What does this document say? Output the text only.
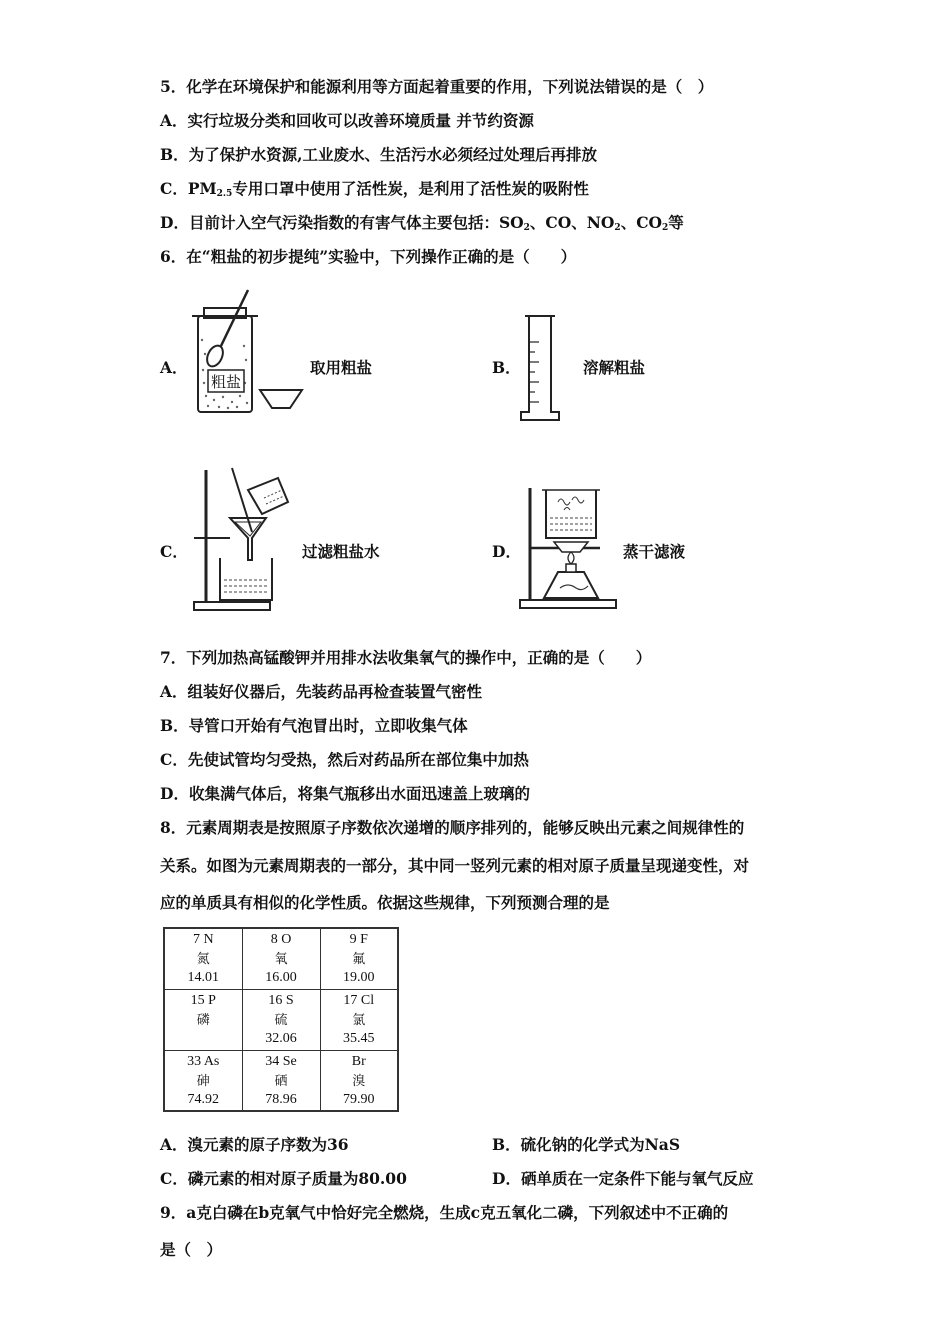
5．化学在环境保护和能源利用等方面起着重要的作用，下列说法错误的是（　）
A．实行垃圾分类和回收可以改善环境质量 并节约资源
B．为了保护水资源,工业废水、生活污水必须经过处理后再排放
C．$PM_{2.5}$专用口罩中使用了活性炭，是利用了活性炭的吸附性
D．目前计入空气污染指数的有害气体主要包括：$SO_2$、CO、$NO_2$、$CO_2$等
6．在“粗盐的初步提纯”实验中，下列操作正确的是（　　）
A．
粗盐
取用粗盐	B．	溶解粗盐
C．	过滤粗盐水	D．	蒸干滤液
7．下列加热高锰酸钾并用排水法收集氧气的操作中，正确的是（　　）
A．组装好仪器后，先装药品再检查装置气密性
B．导管口开始有气泡冒出时，立即收集气体
C．先使试管均匀受热，然后对药品所在部位集中加热
D．收集满气体后，将集气瓶移出水面迅速盖上玻璃的
8．元素周期表是按照原子序数依次递增的顺序排列的，能够反映出元素之间规律性的
关系。如图为元素周期表的一部分，其中同一竖列元素的相对原子质量呈现递变性，对
应的单质具有相似的化学性质。依据这些规律，下列预测合理的是
7 N
氮
14.01	8 O
氧
16.00	9 F
氟
19.00

15 P
磷	16 S
硫
32.06	17 Cl
氯
35.45

33 As
砷
74.92	34 Se
硒
78.96	Br
溴
79.90
A．溴元素的原子序数为36	B．硫化钠的化学式为NaS
C．磷元素的相对原子质量为80.00	D．硒单质在一定条件下能与氧气反应
9．a克白磷在b克氧气中恰好完全燃烧，生成c克五氧化二磷，下列叙述中不正确的
是（　）
